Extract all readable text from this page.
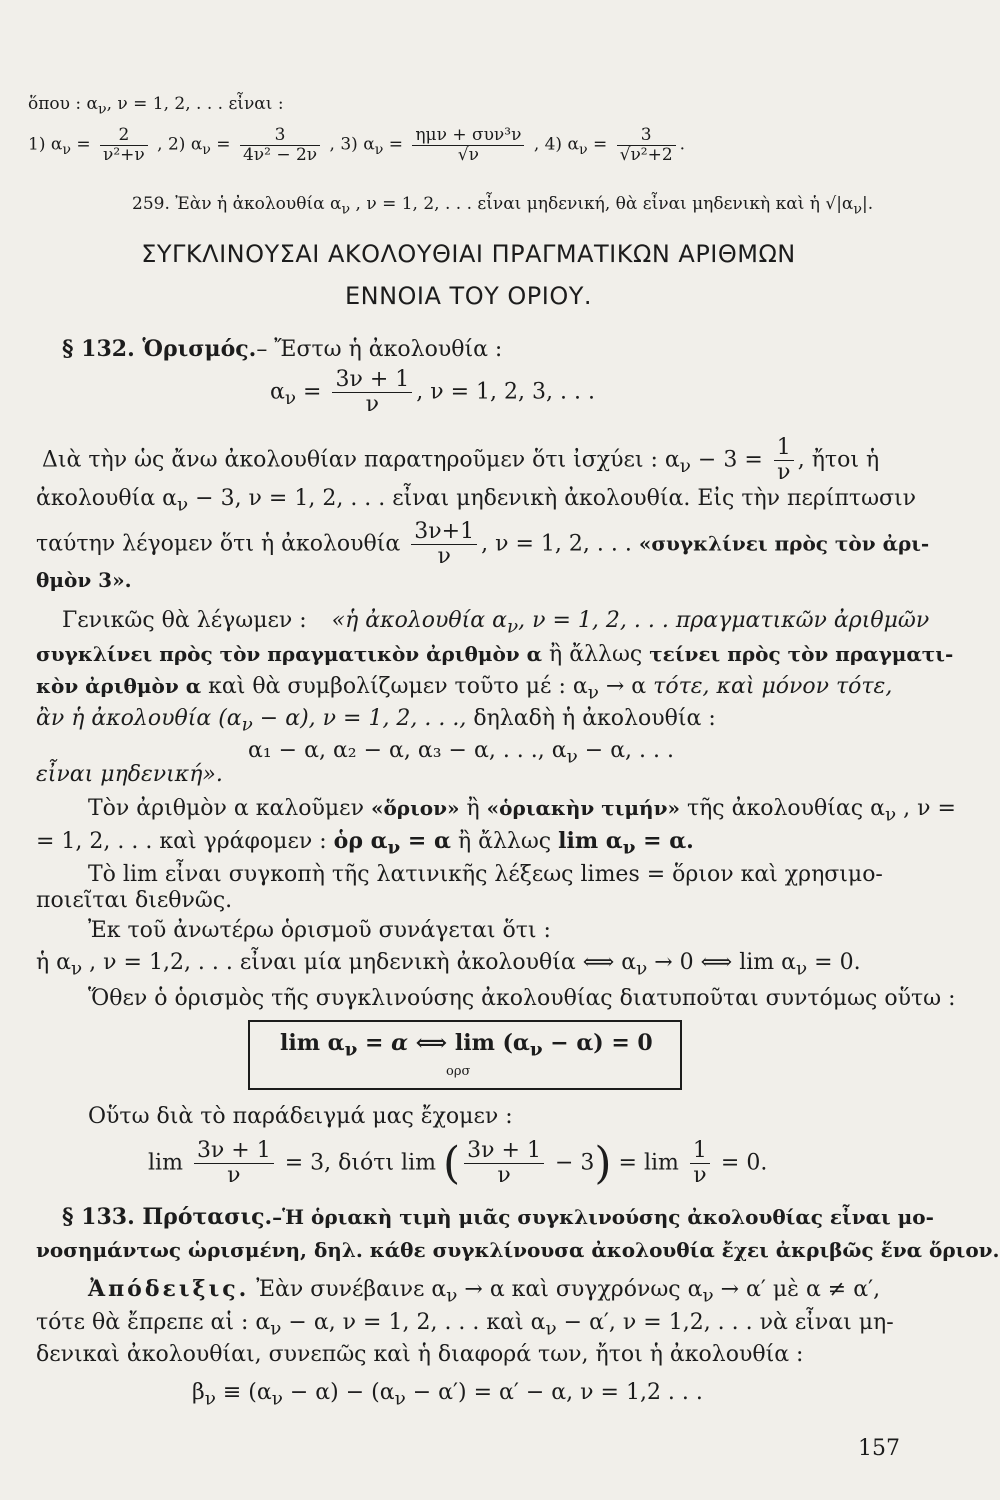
ὅπου : $\alpha_\nu$, ν = 1, 2, . . . εἶναι :
1) $\alpha_\nu = \frac{2}{\text{ν²+ν}}$ , 2) $\alpha_\nu = \frac{3}{\text{4ν² − 2ν}}$ , 3) $\alpha_\nu = \frac{\text{ημν + συν³ν}}{√\nu}$ , 4) $\alpha_\nu = \frac{3}{\text{√ν²+2}}$ .
259. Ἐὰν ἡ ἀκολουθία $\alpha_\nu$ , ν = 1, 2, . . . εἶναι μηδενική, θὰ εἶναι μηδενικὴ καὶ ἡ $√|\alpha_\nu|$.
ΣΥΓΚΛΙΝΟΥΣΑΙ ΑΚΟΛΟΥΘΙΑΙ ΠΡΑΓΜΑΤΙΚΩΝ ΑΡΙΘΜΩΝ
ΕΝΝΟΙΑ ΤΟΥ ΟΡΙΟΥ.
§ 132. Ὁρισμός.– Ἔστω ἡ ἀκολουθία :
$\alpha_\nu = \frac{3\nu + 1}{\nu}$ , ν = 1, 2, 3, . . .
Διὰ τὴν ὡς ἄνω ἀκολουθίαν παρατηροῦμεν ὅτι ἰσχύει : $\alpha_\nu - 3 = \frac{1}{\nu}$ , ἤτοι ἡ
ἀκολουθία $\alpha_\nu - 3$, ν = 1, 2, . . . εἶναι μηδενικὴ ἀκολουθία. Εἰς τὴν περίπτωσιν
ταύτην λέγομεν ὅτι ἡ ἀκολουθία $\frac{3\nu+1}{\nu}$ , ν = 1, 2, . . . «συγκλίνει πρὸς τὸν ἀρι-
θμὸν 3».
Γενικῶς θὰ λέγωμεν : «ἡ ἀκολουθία $\alpha_\nu$, ν = 1, 2, . . . πραγματικῶν ἀριθμῶν
συγκλίνει πρὸς τὸν πραγματικὸν ἀριθμὸν α ἢ ἄλλως τείνει πρὸς τὸν πραγματι-
κὸν ἀριθμὸν α καὶ θὰ συμβολίζωμεν τοῦτο μέ : $\alpha_\nu \to \alpha$ τότε, καὶ μόνον τότε,
ἂν ἡ ἀκολουθία $(\alpha_\nu - \alpha)$, ν = 1, 2, . . ., δηλαδὴ ἡ ἀκολουθία :
α₁ − α, α₂ − α, α₃ − α, . . ., $\alpha_\nu - \alpha$, . . .
εἶναι μηδενική».
Τὸν ἀριθμὸν α καλοῦμεν «ὅριον» ἢ «ὁριακὴν τιμήν» τῆς ἀκολουθίας $\alpha_\nu$ , ν =
= 1, 2, . . . καὶ γράφομεν : ὁρ $\alpha_\nu = \alpha$ ἢ ἄλλως $\lim \alpha_\nu = \alpha$.
Τὸ lim εἶναι συγκοπὴ τῆς λατινικῆς λέξεως limes = ὅριον καὶ χρησιμο-
ποιεῖται διεθνῶς.
Ἐκ τοῦ ἀνωτέρω ὁρισμοῦ συνάγεται ὅτι :
ἡ $\alpha_\nu$ , ν = 1,2, . . . εἶναι μία μηδενικὴ ἀκολουθία ⟺ $\alpha_\nu \to 0$ ⟺ $\lim \alpha_\nu = 0$.
Ὅθεν ὁ ὁρισμὸς τῆς συγκλινούσης ἀκολουθίας διατυποῦται συντόμως οὕτω :
$\lim \alpha_\nu = \alpha$ ⟺ $\lim (\alpha_\nu - \alpha) = 0$
ορσ
Οὕτω διὰ τὸ παράδειγμά μας ἔχομεν :
$\lim \frac{3\nu + 1}{\nu} = 3$, διότι lim ( $\frac{3\nu + 1}{\nu} - 3) = \lim \frac{1}{\nu} = 0$.
§ 133. Πρότασις.–Ἡ ὁριακὴ τιμὴ μιᾶς συγκλινούσης ἀκολουθίας εἶναι μο-
νοσημάντως ὡρισμένη, δηλ. κάθε συγκλίνουσα ἀκολουθία ἔχει ἀκριβῶς ἕνα ὅριον.
Ἀπόδειξις. Ἐὰν συνέβαινε $\alpha_\nu \to \alpha$ καὶ συγχρόνως $\alpha_\nu \to \alpha'$ μὲ α ≠ α′,
τότε θὰ ἔπρεπε αἱ : $\alpha_\nu - \alpha$, ν = 1, 2, . . . καὶ $\alpha_\nu - \alpha'$, ν = 1,2, . . . νὰ εἶναι μη-
δενικαὶ ἀκολουθίαι, συνεπῶς καὶ ἡ διαφορά των, ἤτοι ἡ ἀκολουθία :
$\beta_\nu \equiv (\alpha_\nu - \alpha) - (\alpha_\nu - \alpha') = \alpha' - \alpha$, ν = 1,2 . . .
157
